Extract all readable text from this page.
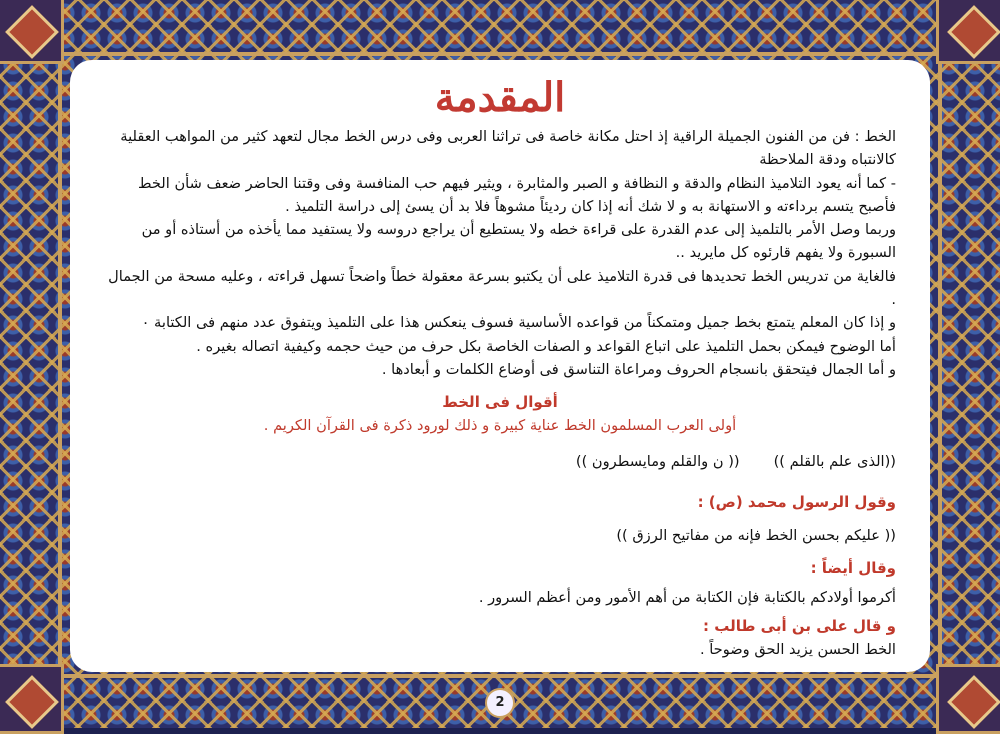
المقدمة

الخط : فن من الفنون الجميلة الراقية إذ احتل مكانة خاصة فى تراثنا العربى وفى درس الخط مجال لتعهد كثير من المواهب العقلية كالانتباه ودقة الملاحظة

- كما أنه يعود التلاميذ النظام والدقة و النظافة و الصبر والمثابرة ، ويثير فيهم حب المنافسة وفى وقتنا الحاضر ضعف شأن الخط فأصبح يتسم برداءته و الاستهانة به و لا شك أنه إذا كان رديئاً مشوهاً فلا بد أن يسئ إلى دراسة التلميذ .

وربما وصل الأمر بالتلميذ إلى عدم القدرة على قراءة خطه ولا يستطيع أن يراجع دروسه ولا يستفيد مما يأخذه من أستاذه أو من السبورة ولا يفهم قارئوه كل مايريد ..

فالغاية من تدريس الخط تحديدها فى قدرة التلاميذ على أن يكتبو بسرعة معقولة خطاً واضحاً تسهل قراءته ، وعليه مسحة من الجمال .

و إذا كان المعلم يتمتع بخط جميل ومتمكناً من قواعده الأساسية فسوف ينعكس هذا على التلميذ ويتفوق عدد منهم فى الكتابة ٠

أما الوضوح فيمكن بحمل التلميذ على اتباع القواعد و الصفات الخاصة بكل حرف من حيث حجمه وكيفية اتصاله بغيره .

و أما الجمال فيتحقق بانسجام الحروف ومراعاة التناسق فى أوضاع الكلمات و أبعادها .

أقوال فى الخط
أولى العرب المسلمون الخط عناية كبيرة و ذلك لورود ذكرة فى القرآن الكريم .
((الذى علم بالقلم ))
(( ن والقلم ومايسطرون ))
وقول الرسول محمد (ص) :
(( عليكم بحسن الخط فإنه من مفاتيح الرزق ))
وقال أيضاً :
أكرموا أولادكم بالكتابة فإن الكتابة من أهم الأمور ومن أعظم السرور .
و قال على بن أبى طالب :
الخط الحسن يزيد الحق وضوحاً .
2
